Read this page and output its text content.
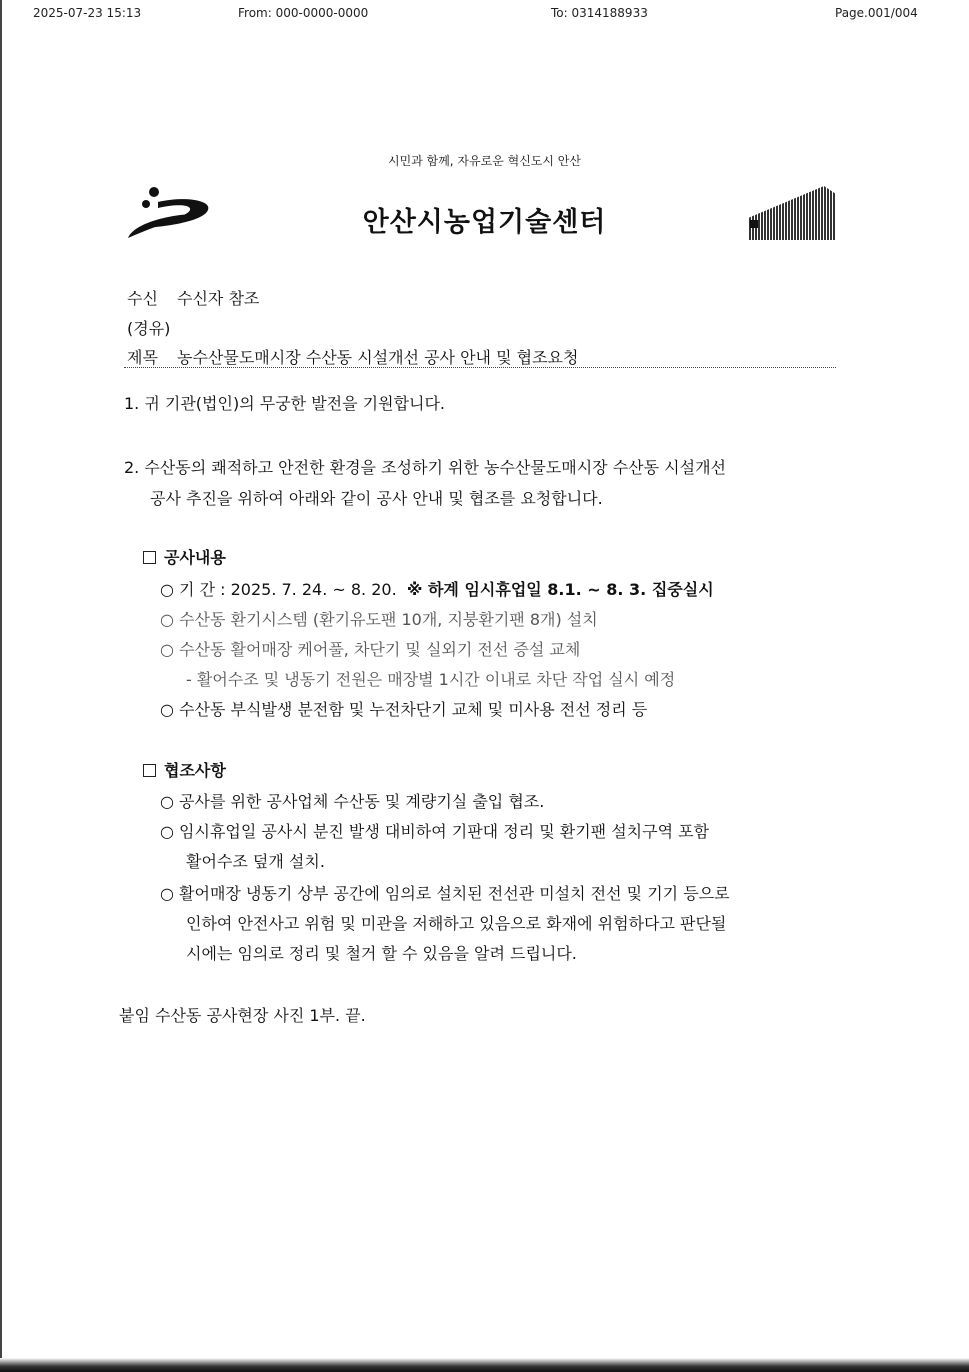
2025-07-23 15:13	From: 000-0000-0000	To: 0314188933	Page.001/004
시민과 함께, 자유로운 혁신도시 안산
안산시농업기술센터
수신 수신자 참조
(경유)
제목 농수산물도매시장 수산동 시설개선 공사 안내 및 협조요청
1. 귀 기관(법인)의 무궁한 발전을 기원합니다.
2. 수산동의 쾌적하고 안전한 환경을 조성하기 위한 농수산물도매시장 수산동 시설개선
공사 추진을 위하여 아래와 같이 공사 안내 및 협조를 요청합니다.
공사내용
○ 기 간 : 2025. 7. 24. ~ 8. 20. ※ 하계 임시휴업일 8.1. ~ 8. 3. 집중실시
○ 수산동 환기시스템 (환기유도팬 10개, 지붕환기팬 8개) 설치
○ 수산동 활어매장 케어풀, 차단기 및 실외기 전선 증설 교체
- 활어수조 및 냉동기 전원은 매장별 1시간 이내로 차단 작업 실시 예정
○ 수산동 부식발생 분전함 및 누전차단기 교체 및 미사용 전선 정리 등
협조사항
○ 공사를 위한 공사업체 수산동 및 계량기실 출입 협조.
○ 임시휴업일 공사시 분진 발생 대비하여 기판대 정리 및 환기팬 설치구역 포함
활어수조 덮개 설치.
○ 활어매장 냉동기 상부 공간에 임의로 설치된 전선관 미설치 전선 및 기기 등으로
인하여 안전사고 위험 및 미관을 저해하고 있음으로 화재에 위험하다고 판단될
시에는 임의로 정리 및 철거 할 수 있음을 알려 드립니다.
붙임 수산동 공사현장 사진 1부. 끝.
